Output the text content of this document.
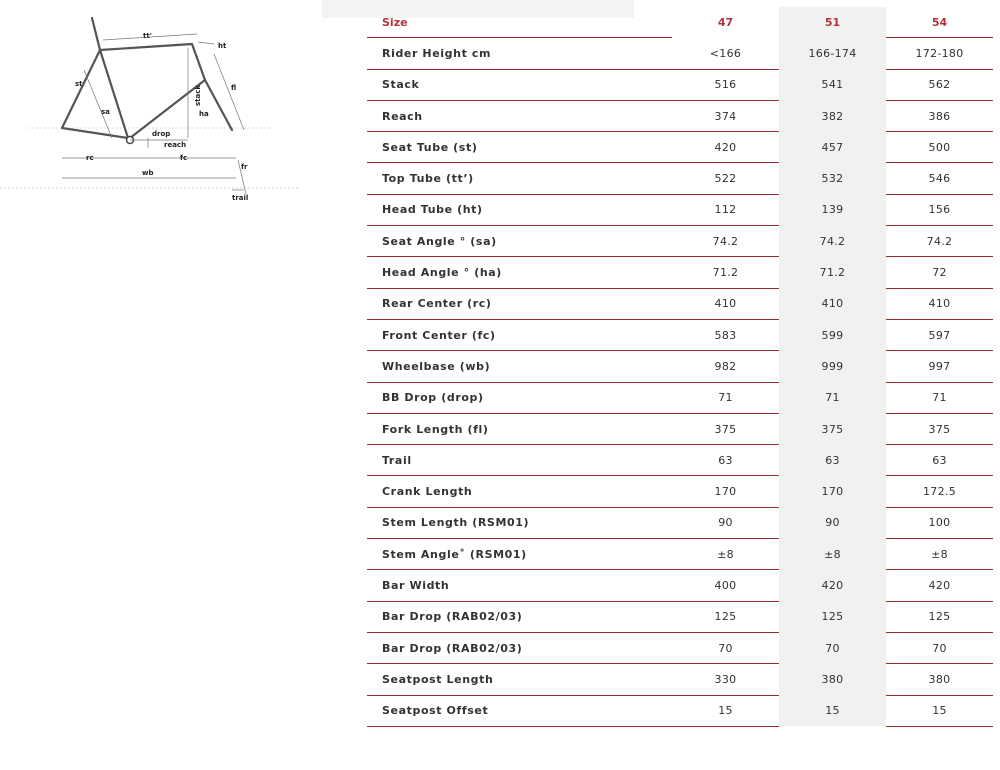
tt'
ht
st	fl
stack
sa	ha
drop
reach
rc	fc
wb
fr
trail
Size	47	51	54
Rider Height cm	<166	166-174	172-180
Stack	516	541	562
Reach	374	382	386
Seat Tube (st)	420	457	500
Top Tube (tt’)	522	532	546
Head Tube (ht)	112	139	156
Seat Angle ° (sa)	74.2	74.2	74.2
Head Angle ° (ha)	71.2	71.2	72
Rear Center (rc)	410	410	410
Front Center (fc)	583	599	597
Wheelbase (wb)	982	999	997
BB Drop (drop)	71	71	71
Fork Length (fl)	375	375	375
Trail	63	63	63
Crank Length	170	170	172.5
Stem Length (RSM01)	90	90	100
Stem Angle˚ (RSM01)	±8	±8	±8
Bar Width	400	420	420
Bar Drop (RAB02/03)	125	125	125
Bar Drop (RAB02/03)	70	70	70
Seatpost Length	330	380	380
Seatpost Offset	15	15	15
